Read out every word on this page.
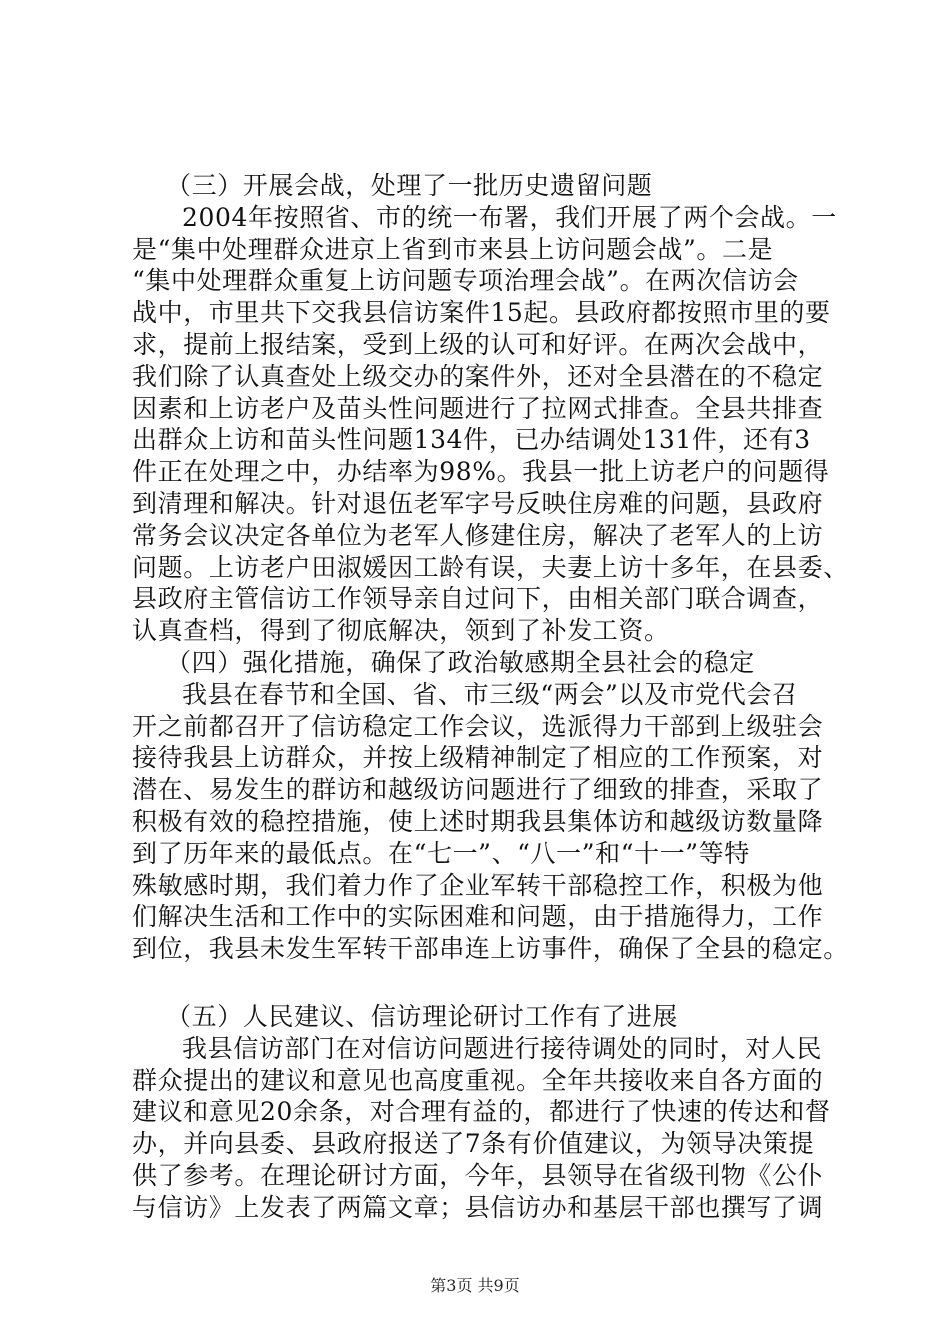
（三）开展会战，处理了一批历史遗留问题
2004年按照省、市的统一布署，我们开展了两个会战。一
是“集中处理群众进京上省到市来县上访问题会战”。二是
“集中处理群众重复上访问题专项治理会战”。在两次信访会
战中，市里共下交我县信访案件15起。县政府都按照市里的要
求，提前上报结案，受到上级的认可和好评。在两次会战中，
我们除了认真查处上级交办的案件外，还对全县潜在的不稳定
因素和上访老户及苗头性问题进行了拉网式排查。全县共排查
出群众上访和苗头性问题134件，已办结调处131件，还有3
件正在处理之中，办结率为98%。我县一批上访老户的问题得
到清理和解决。针对退伍老军字号反映住房难的问题，县政府
常务会议决定各单位为老军人修建住房，解决了老军人的上访
问题。上访老户田淑媛因工龄有误，夫妻上访十多年，在县委、
县政府主管信访工作领导亲自过问下，由相关部门联合调查，
认真查档，得到了彻底解决，领到了补发工资。
（四）强化措施，确保了政治敏感期全县社会的稳定
我县在春节和全国、省、市三级“两会”以及市党代会召
开之前都召开了信访稳定工作会议，选派得力干部到上级驻会
接待我县上访群众，并按上级精神制定了相应的工作预案，对
潜在、易发生的群访和越级访问题进行了细致的排查，采取了
积极有效的稳控措施，使上述时期我县集体访和越级访数量降
到了历年来的最低点。在“七一”、“八一”和“十一”等特
殊敏感时期，我们着力作了企业军转干部稳控工作，积极为他
们解决生活和工作中的实际困难和问题，由于措施得力，工作
到位，我县未发生军转干部串连上访事件，确保了全县的稳定。
（五）人民建议、信访理论研讨工作有了进展
我县信访部门在对信访问题进行接待调处的同时，对人民
群众提出的建议和意见也高度重视。全年共接收来自各方面的
建议和意见20余条，对合理有益的，都进行了快速的传达和督
办，并向县委、县政府报送了7条有价值建议，为领导决策提
供了参考。在理论研讨方面，今年，县领导在省级刊物《公仆
与信访》上发表了两篇文章；县信访办和基层干部也撰写了调
第3页 共9页
